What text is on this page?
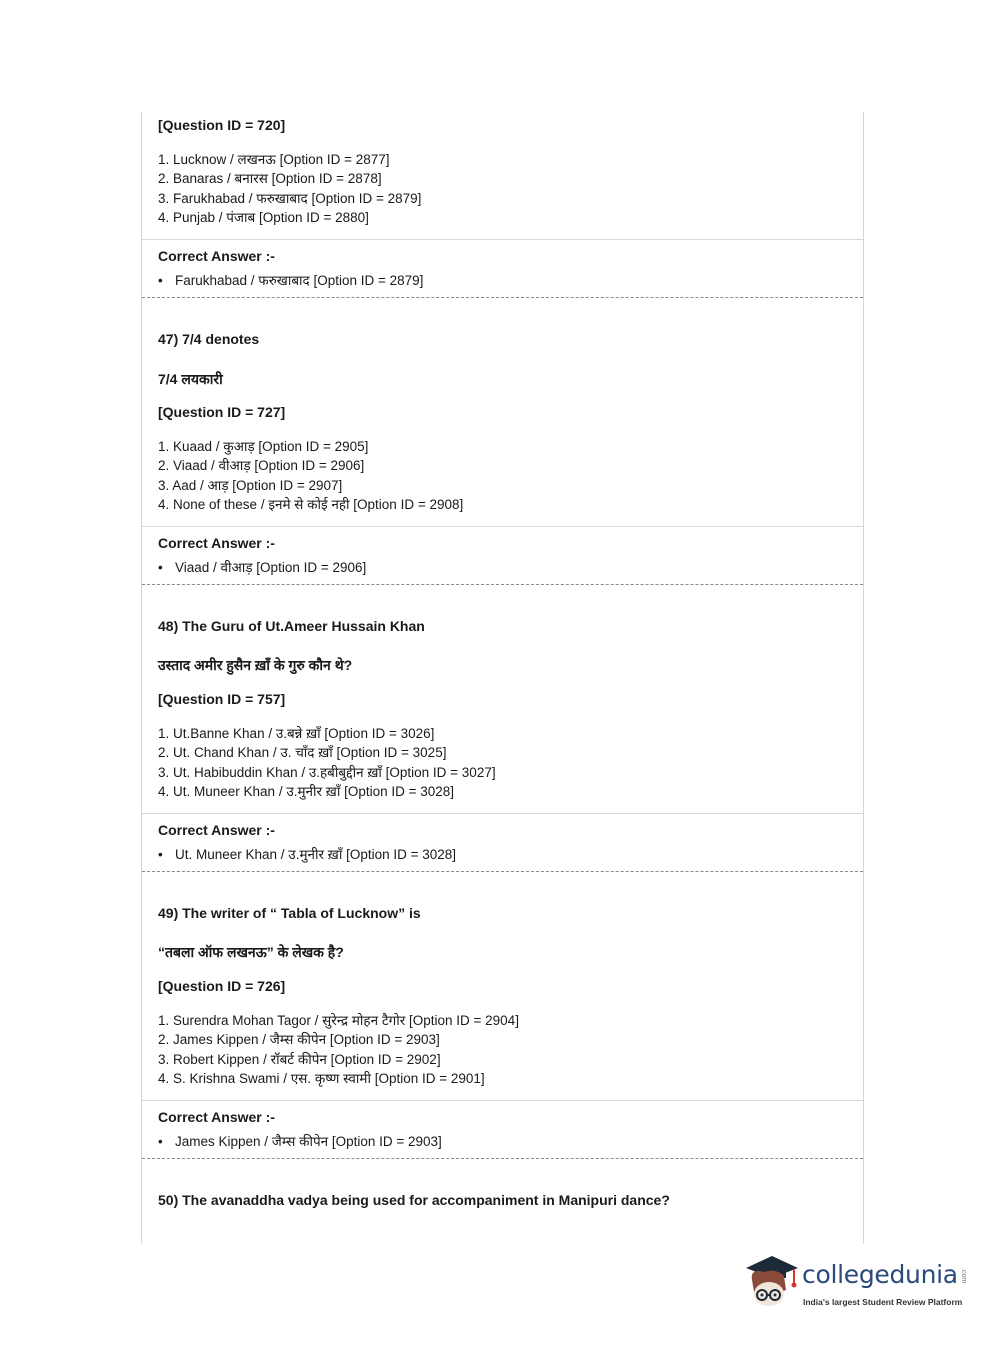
[Question ID = 720]
1. Lucknow / लखनऊ [Option ID = 2877]
2. Banaras / बनारस [Option ID = 2878]
3. Farukhabad / फरुखाबाद [Option ID = 2879]
4. Punjab / पंजाब [Option ID = 2880]
Correct Answer :-
• Farukhabad / फरुखाबाद [Option ID = 2879]
47) 7/4 denotes
7/4 लयकारी
[Question ID = 727]
1. Kuaad / कुआड़ [Option ID = 2905]
2. Viaad / वीआड़ [Option ID = 2906]
3. Aad / आड़ [Option ID = 2907]
4. None of these / इनमे से कोई नही [Option ID = 2908]
Correct Answer :-
• Viaad / वीआड़ [Option ID = 2906]
48) The Guru of Ut.Ameer Hussain Khan
उस्ताद अमीर हुसैन ख़ाँ के गुरु कौन थे?
[Question ID = 757]
1. Ut.Banne Khan / उ.बन्ने ख़ाँ [Option ID = 3026]
2. Ut. Chand Khan / उ. चाँद ख़ाँ [Option ID = 3025]
3. Ut. Habibuddin Khan / उ.हबीबुद्दीन ख़ाँ [Option ID = 3027]
4. Ut. Muneer Khan / उ.मुनीर ख़ाँ [Option ID = 3028]
Correct Answer :-
• Ut. Muneer Khan / उ.मुनीर ख़ाँ [Option ID = 3028]
49) The writer of “ Tabla of Lucknow” is
“तबला ऑफ लखनऊ” के लेखक है?
[Question ID = 726]
1. Surendra Mohan Tagor / सुरेन्द्र मोहन टैगोर [Option ID = 2904]
2. James Kippen / जैम्स कीपेन [Option ID = 2903]
3. Robert Kippen / रॉबर्ट कीपेन [Option ID = 2902]
4. S. Krishna Swami / एस. कृष्ण स्वामी [Option ID = 2901]
Correct Answer :-
• James Kippen / जैम्स कीपेन [Option ID = 2903]
50) The avanaddha vadya being used for accompaniment in Manipuri dance?
collegedunia .com
India's largest Student Review Platform
